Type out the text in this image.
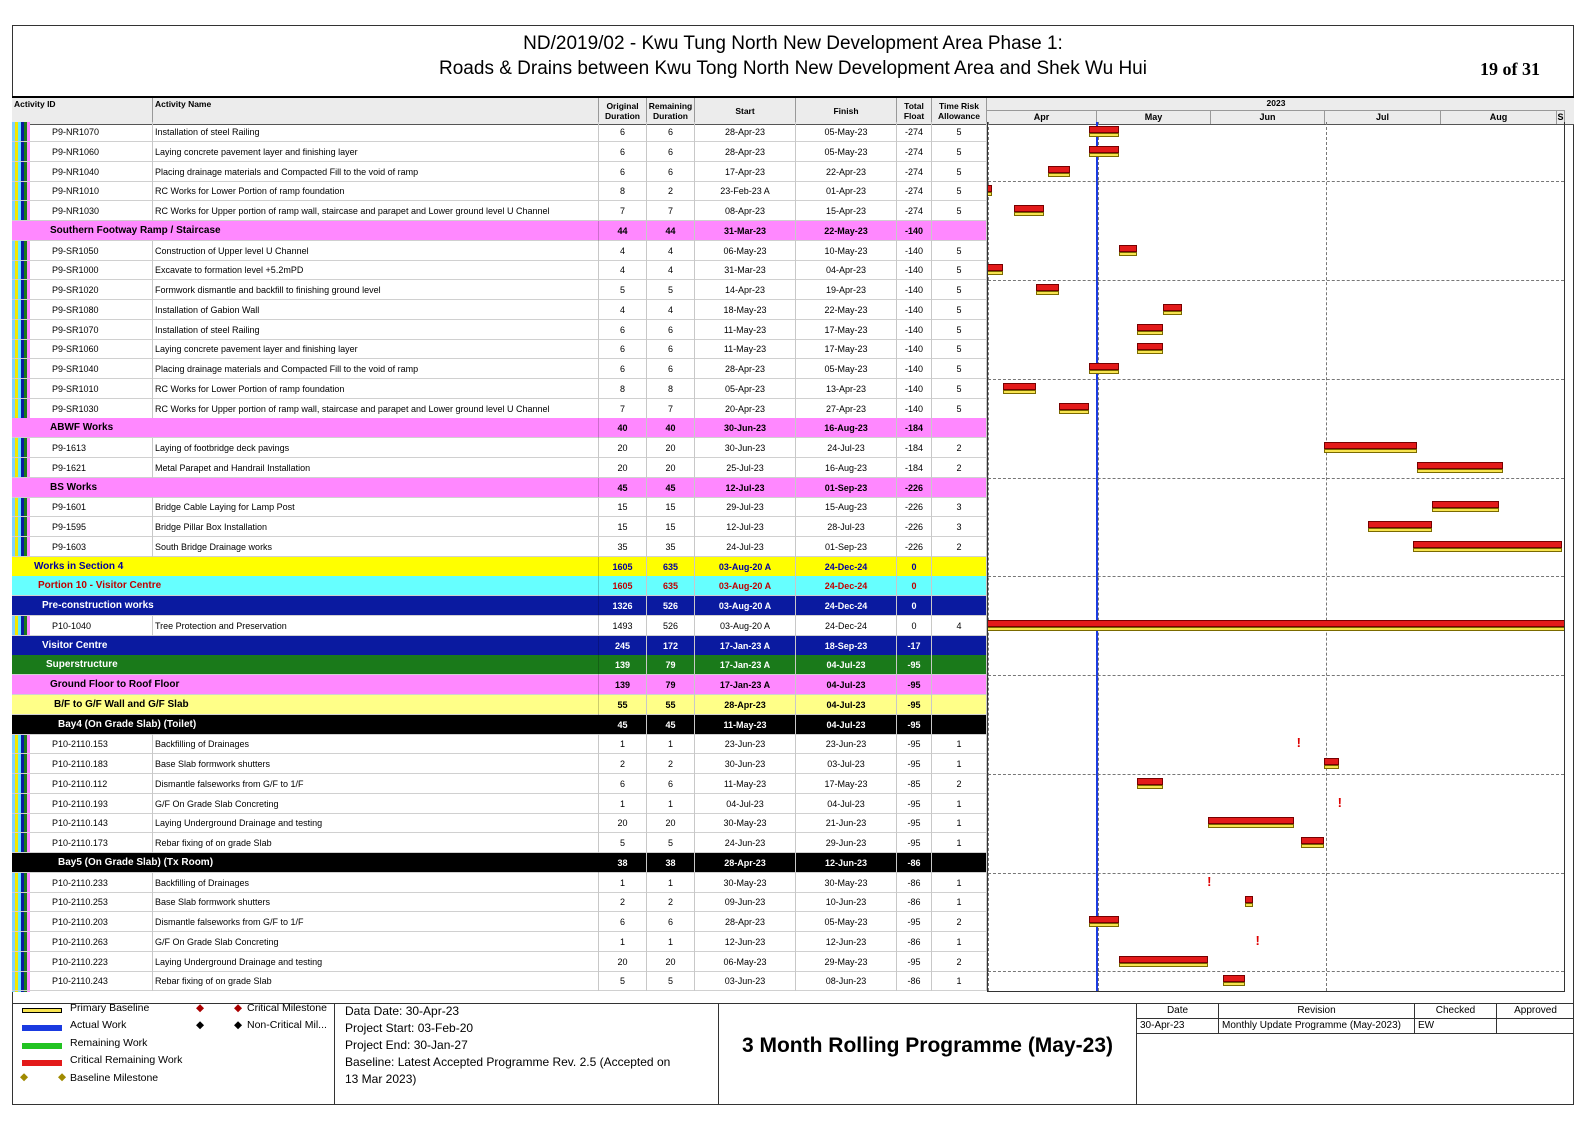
ND/2019/02 - Kwu Tung North New Development Area Phase 1:
Roads & Drains between Kwu Tong North New Development Area and Shek Wu Hui	19 of 31
Activity ID	Activity Name	Original Duration
Remaining Duration	Start	Finish	Total Float
Time Risk Allowance
2023
Apr	May	Jun	Jul	Aug	S
P9-NR1070	Installation of steel Railing	6	6	28-Apr-23	05-May-23	-274	5
P9-NR1060	Laying concrete pavement layer and finishing layer	6	6	28-Apr-23	05-May-23	-274	5
P9-NR1040	Placing drainage materials and Compacted Fill to the void of ramp	6	6	17-Apr-23	22-Apr-23	-274	5
P9-NR1010	RC Works for Lower Portion of ramp foundation	8	2	23-Feb-23 A	01-Apr-23	-274	5
P9-NR1030	RC Works for Upper portion of ramp wall, staircase and parapet and Lower ground level U Channel	7	7	08-Apr-23	15-Apr-23	-274	5
Southern Footway Ramp / Staircase	44	44	31-Mar-23	22-May-23	-140
P9-SR1050	Construction of Upper level U Channel	4	4	06-May-23	10-May-23	-140	5
P9-SR1000	Excavate to formation level +5.2mPD	4	4	31-Mar-23	04-Apr-23	-140	5
P9-SR1020	Formwork dismantle and backfill to finishing ground level	5	5	14-Apr-23	19-Apr-23	-140	5
P9-SR1080	Installation of Gabion Wall	4	4	18-May-23	22-May-23	-140	5
P9-SR1070	Installation of steel Railing	6	6	11-May-23	17-May-23	-140	5
P9-SR1060	Laying concrete pavement layer and finishing layer	6	6	11-May-23	17-May-23	-140	5
P9-SR1040	Placing drainage materials and Compacted Fill to the void of ramp	6	6	28-Apr-23	05-May-23	-140	5
P9-SR1010	RC Works for Lower Portion of ramp foundation	8	8	05-Apr-23	13-Apr-23	-140	5
P9-SR1030	RC Works for Upper portion of ramp wall, staircase and parapet and Lower ground level U Channel	7	7	20-Apr-23	27-Apr-23	-140	5
ABWF Works	40	40	30-Jun-23	16-Aug-23	-184
P9-1613	Laying of footbridge deck pavings	20	20	30-Jun-23	24-Jul-23	-184	2
P9-1621	Metal Parapet and Handrail Installation	20	20	25-Jul-23	16-Aug-23	-184	2
BS Works	45	45	12-Jul-23	01-Sep-23	-226
P9-1601	Bridge Cable Laying for Lamp Post	15	15	29-Jul-23	15-Aug-23	-226	3
P9-1595	Bridge Pillar Box Installation	15	15	12-Jul-23	28-Jul-23	-226	3
P9-1603	South Bridge Drainage works	35	35	24-Jul-23	01-Sep-23	-226	2
Works in Section 4	1605	635	03-Aug-20 A	24-Dec-24	0
Portion 10 - Visitor Centre	1605	635	03-Aug-20 A	24-Dec-24	0
Pre-construction works	1326	526	03-Aug-20 A	24-Dec-24	0
P10-1040	Tree Protection and Preservation	1493	526	03-Aug-20 A	24-Dec-24	0	4
Visitor Centre	245	172	17-Jan-23 A	18-Sep-23	-17
Superstructure	139	79	17-Jan-23 A	04-Jul-23	-95
Ground Floor to Roof Floor	139	79	17-Jan-23 A	04-Jul-23	-95
B/F to G/F Wall and G/F Slab	55	55	28-Apr-23	04-Jul-23	-95
Bay4 (On Grade Slab) (Toilet)	45	45	11-May-23	04-Jul-23	-95
P10-2110.153	Backfilling of Drainages	1	1	23-Jun-23	23-Jun-23	-95	1
P10-2110.183	Base Slab formwork shutters	2	2	30-Jun-23	03-Jul-23	-95	1
P10-2110.112	Dismantle falseworks from G/F to 1/F	6	6	11-May-23	17-May-23	-85	2
P10-2110.193	G/F On Grade Slab Concreting	1	1	04-Jul-23	04-Jul-23	-95	1
P10-2110.143	Laying Underground Drainage and testing	20	20	30-May-23	21-Jun-23	-95	1
P10-2110.173	Rebar fixing of on grade Slab	5	5	24-Jun-23	29-Jun-23	-95	1
Bay5 (On Grade Slab) (Tx Room)	38	38	28-Apr-23	12-Jun-23	-86
P10-2110.233	Backfilling of Drainages	1	1	30-May-23	30-May-23	-86	1
P10-2110.253	Base Slab formwork shutters	2	2	09-Jun-23	10-Jun-23	-86	1
P10-2110.203	Dismantle falseworks from G/F to 1/F	6	6	28-Apr-23	05-May-23	-95	2
P10-2110.263	G/F On Grade Slab Concreting	1	1	12-Jun-23	12-Jun-23	-86	1
P10-2110.223	Laying Underground Drainage and testing	20	20	06-May-23	29-May-23	-95	2
P10-2110.243	Rebar fixing of on grade Slab	5	5	03-Jun-23	08-Jun-23	-86	1
!
!
!
!
Primary Baseline
Actual Work
Remaining Work
Critical Remaining Work
◆	◆ Baseline Milestone
◆	◆ Critical Milestone
◆	◆ Non-Critical Mil...
Data Date: 30-Apr-23
Project Start: 03-Feb-20
Project End: 30-Jan-27
Baseline: Latest Accepted Programme Rev. 2.5 (Accepted on
13 Mar 2023)
3 Month Rolling Programme (May-23)
Date	Revision	Checked	Approved
30-Apr-23	Monthly Update Programme (May-2023)	EW
